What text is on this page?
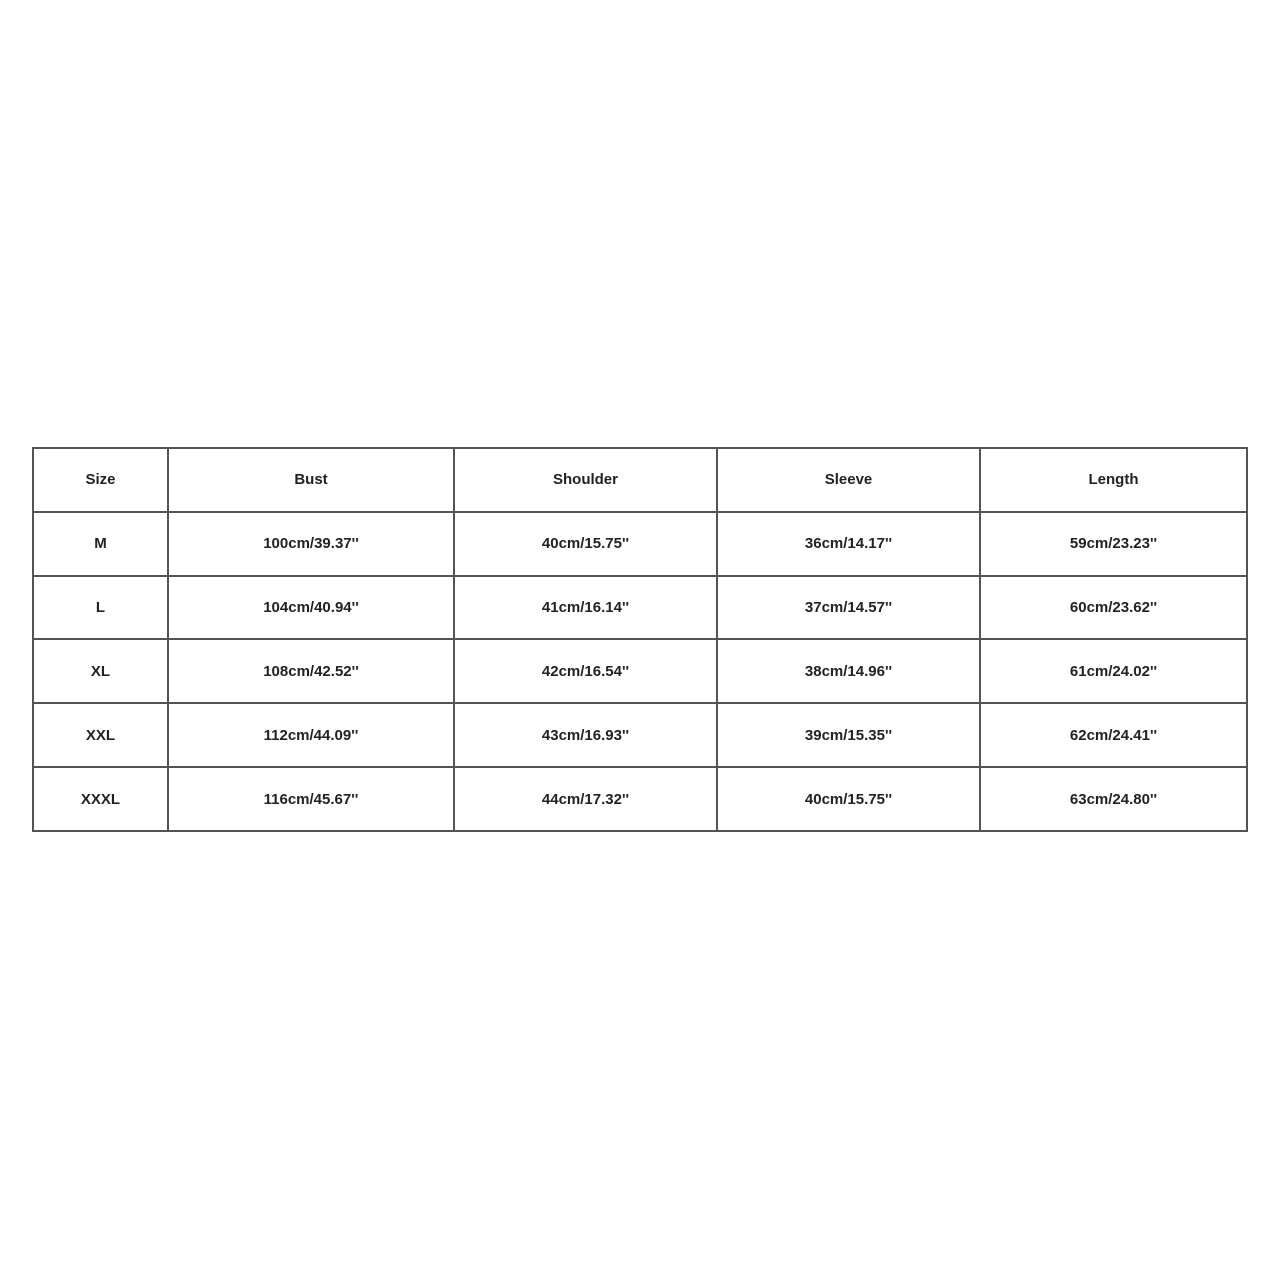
Size	Bust	Shoulder	Sleeve	Length
M	100cm/39.37''	40cm/15.75''	36cm/14.17''	59cm/23.23''
L	104cm/40.94''	41cm/16.14''	37cm/14.57''	60cm/23.62''
XL	108cm/42.52''	42cm/16.54''	38cm/14.96''	61cm/24.02''
XXL	112cm/44.09''	43cm/16.93''	39cm/15.35''	62cm/24.41''
XXXL	116cm/45.67''	44cm/17.32''	40cm/15.75''	63cm/24.80''
